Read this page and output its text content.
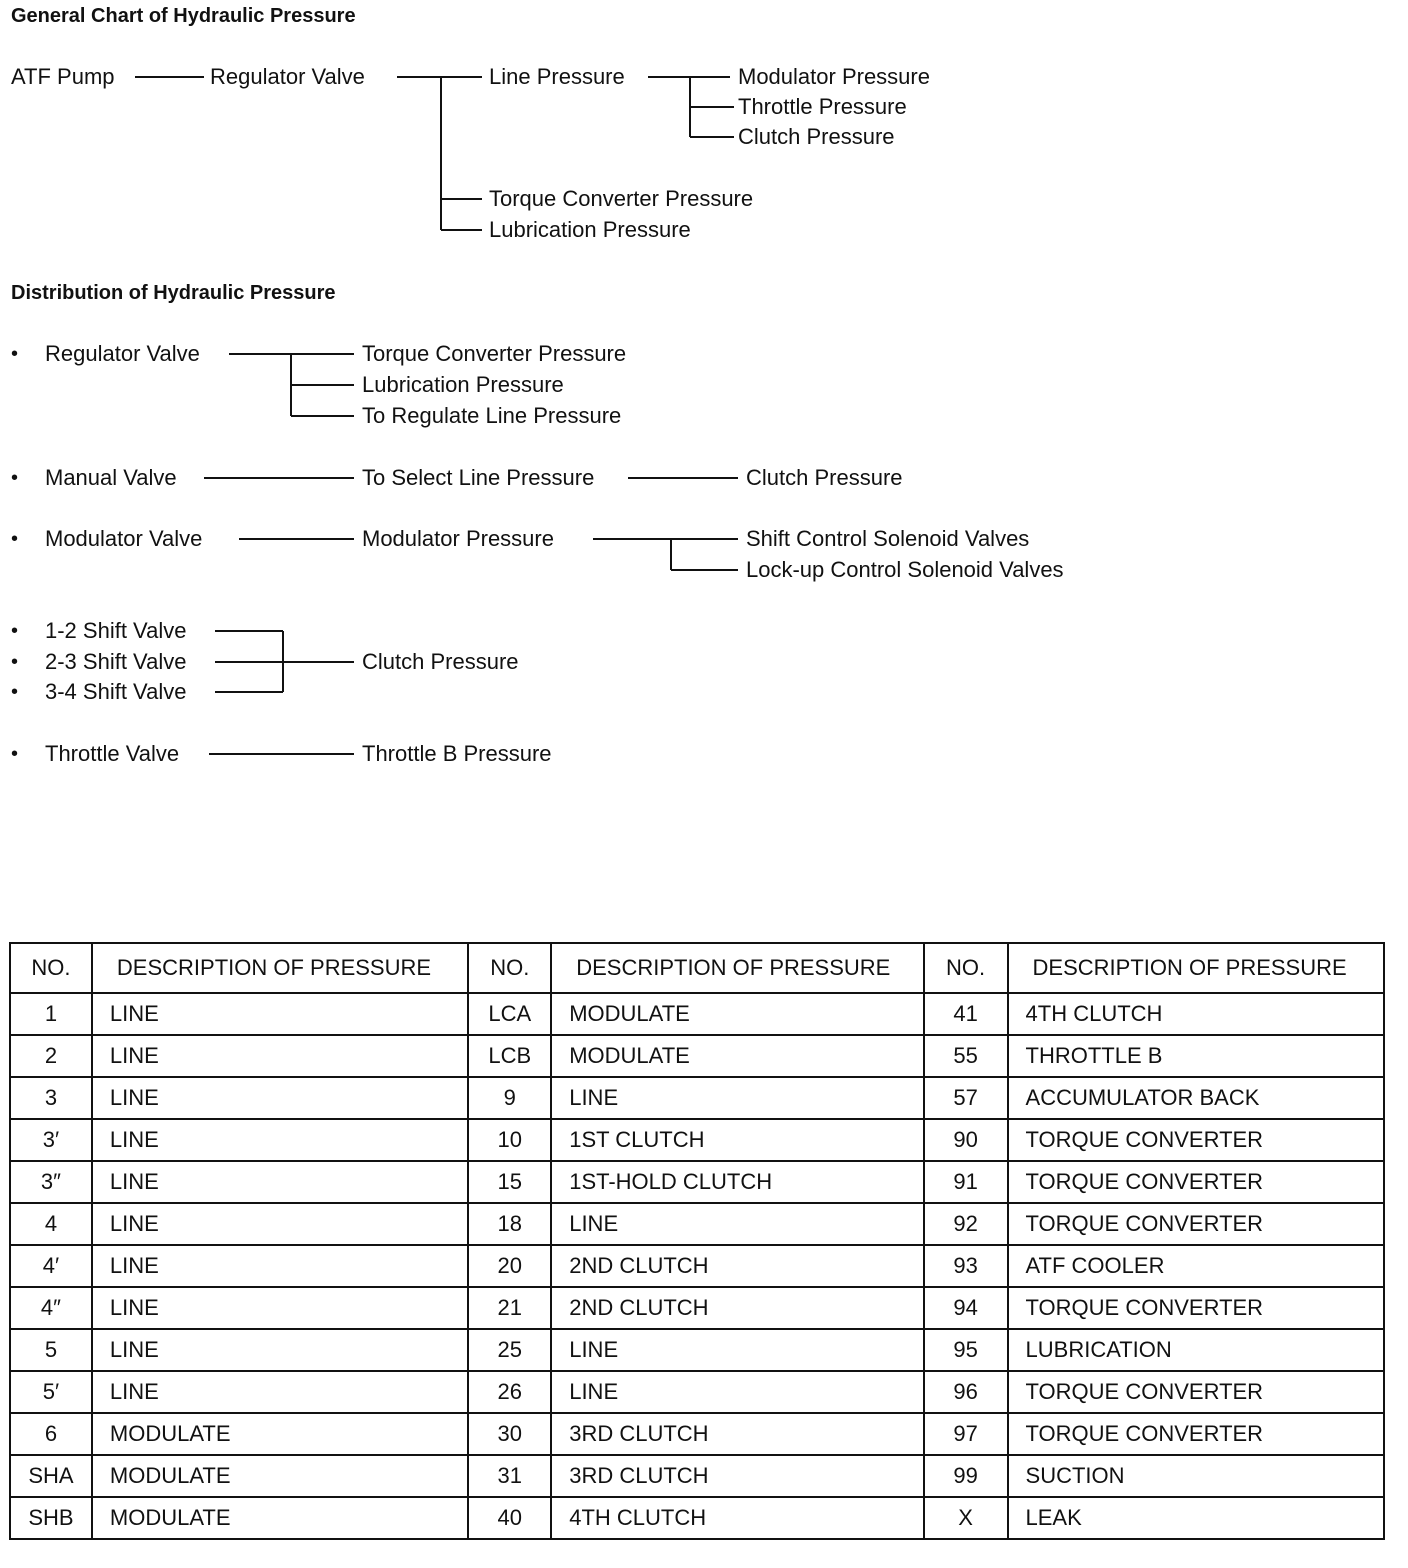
General Chart of Hydraulic Pressure
ATF Pump	Regulator Valve	Line Pressure	Modulator Pressure
Throttle Pressure
Clutch Pressure
Torque Converter Pressure
Lubrication Pressure
Distribution of Hydraulic Pressure
• Regulator Valve	Torque Converter Pressure
Lubrication Pressure
To Regulate Line Pressure
• Manual Valve	To Select Line Pressure	Clutch Pressure
• Modulator Valve	Modulator Pressure	Shift Control Solenoid Valves
Lock-up Control Solenoid Valves
• 1-2 Shift Valve
• 2-3 Shift Valve
• 3-4 Shift Valve
Clutch Pressure
• Throttle Valve	Throttle B Pressure
NO.	DESCRIPTION OF PRESSURE	NO.	DESCRIPTION OF PRESSURE	NO.	DESCRIPTION OF PRESSURE
1	LINE	LCA	MODULATE	41	4TH CLUTCH
2	LINE	LCB	MODULATE	55	THROTTLE B
3	LINE	9	LINE	57	ACCUMULATOR BACK
3′	LINE	10	1ST CLUTCH	90	TORQUE CONVERTER
3″	LINE	15	1ST-HOLD CLUTCH	91	TORQUE CONVERTER
4	LINE	18	LINE	92	TORQUE CONVERTER
4′	LINE	20	2ND CLUTCH	93	ATF COOLER
4″	LINE	21	2ND CLUTCH	94	TORQUE CONVERTER
5	LINE	25	LINE	95	LUBRICATION
5′	LINE	26	LINE	96	TORQUE CONVERTER
6	MODULATE	30	3RD CLUTCH	97	TORQUE CONVERTER
SHA	MODULATE	31	3RD CLUTCH	99	SUCTION
SHB	MODULATE	40	4TH CLUTCH	X	LEAK
